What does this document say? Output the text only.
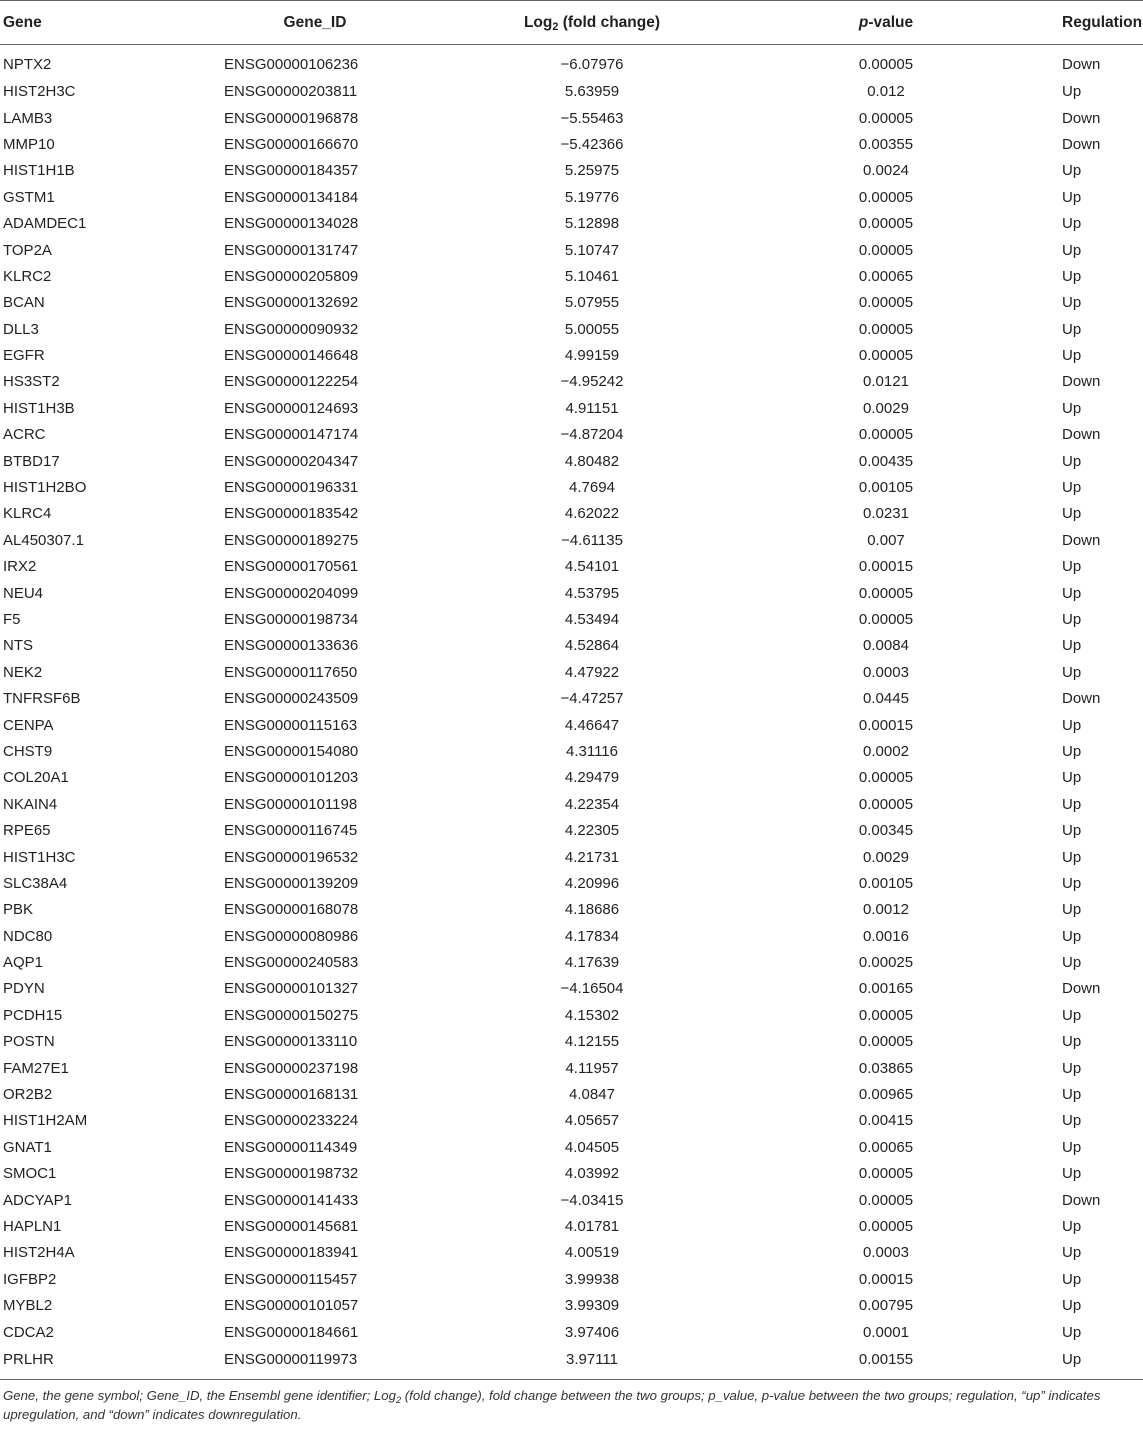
Gene	Gene_ID	Log$_2$ (fold change)	p-value	Regulation
NPTX2	ENSG00000106236	−6.07976	0.00005	Down
HIST2H3C	ENSG00000203811	5.63959	0.012	Up
LAMB3	ENSG00000196878	−5.55463	0.00005	Down
MMP10	ENSG00000166670	−5.42366	0.00355	Down
HIST1H1B	ENSG00000184357	5.25975	0.0024	Up
GSTM1	ENSG00000134184	5.19776	0.00005	Up
ADAMDEC1	ENSG00000134028	5.12898	0.00005	Up
TOP2A	ENSG00000131747	5.10747	0.00005	Up
KLRC2	ENSG00000205809	5.10461	0.00065	Up
BCAN	ENSG00000132692	5.07955	0.00005	Up
DLL3	ENSG00000090932	5.00055	0.00005	Up
EGFR	ENSG00000146648	4.99159	0.00005	Up
HS3ST2	ENSG00000122254	−4.95242	0.0121	Down
HIST1H3B	ENSG00000124693	4.91151	0.0029	Up
ACRC	ENSG00000147174	−4.87204	0.00005	Down
BTBD17	ENSG00000204347	4.80482	0.00435	Up
HIST1H2BO	ENSG00000196331	4.7694	0.00105	Up
KLRC4	ENSG00000183542	4.62022	0.0231	Up
AL450307.1	ENSG00000189275	−4.61135	0.007	Down
IRX2	ENSG00000170561	4.54101	0.00015	Up
NEU4	ENSG00000204099	4.53795	0.00005	Up
F5	ENSG00000198734	4.53494	0.00005	Up
NTS	ENSG00000133636	4.52864	0.0084	Up
NEK2	ENSG00000117650	4.47922	0.0003	Up
TNFRSF6B	ENSG00000243509	−4.47257	0.0445	Down
CENPA	ENSG00000115163	4.46647	0.00015	Up
CHST9	ENSG00000154080	4.31116	0.0002	Up
COL20A1	ENSG00000101203	4.29479	0.00005	Up
NKAIN4	ENSG00000101198	4.22354	0.00005	Up
RPE65	ENSG00000116745	4.22305	0.00345	Up
HIST1H3C	ENSG00000196532	4.21731	0.0029	Up
SLC38A4	ENSG00000139209	4.20996	0.00105	Up
PBK	ENSG00000168078	4.18686	0.0012	Up
NDC80	ENSG00000080986	4.17834	0.0016	Up
AQP1	ENSG00000240583	4.17639	0.00025	Up
PDYN	ENSG00000101327	−4.16504	0.00165	Down
PCDH15	ENSG00000150275	4.15302	0.00005	Up
POSTN	ENSG00000133110	4.12155	0.00005	Up
FAM27E1	ENSG00000237198	4.11957	0.03865	Up
OR2B2	ENSG00000168131	4.0847	0.00965	Up
HIST1H2AM	ENSG00000233224	4.05657	0.00415	Up
GNAT1	ENSG00000114349	4.04505	0.00065	Up
SMOC1	ENSG00000198732	4.03992	0.00005	Up
ADCYAP1	ENSG00000141433	−4.03415	0.00005	Down
HAPLN1	ENSG00000145681	4.01781	0.00005	Up
HIST2H4A	ENSG00000183941	4.00519	0.0003	Up
IGFBP2	ENSG00000115457	3.99938	0.00015	Up
MYBL2	ENSG00000101057	3.99309	0.00795	Up
CDCA2	ENSG00000184661	3.97406	0.0001	Up
PRLHR	ENSG00000119973	3.97111	0.00155	Up
Gene, the gene symbol; Gene_ID, the Ensembl gene identifier; Log$_2$ (fold change), fold change between the two groups; p_value, p-value between the two groups; regulation, “up” indicates upregulation, and “down” indicates downregulation.
